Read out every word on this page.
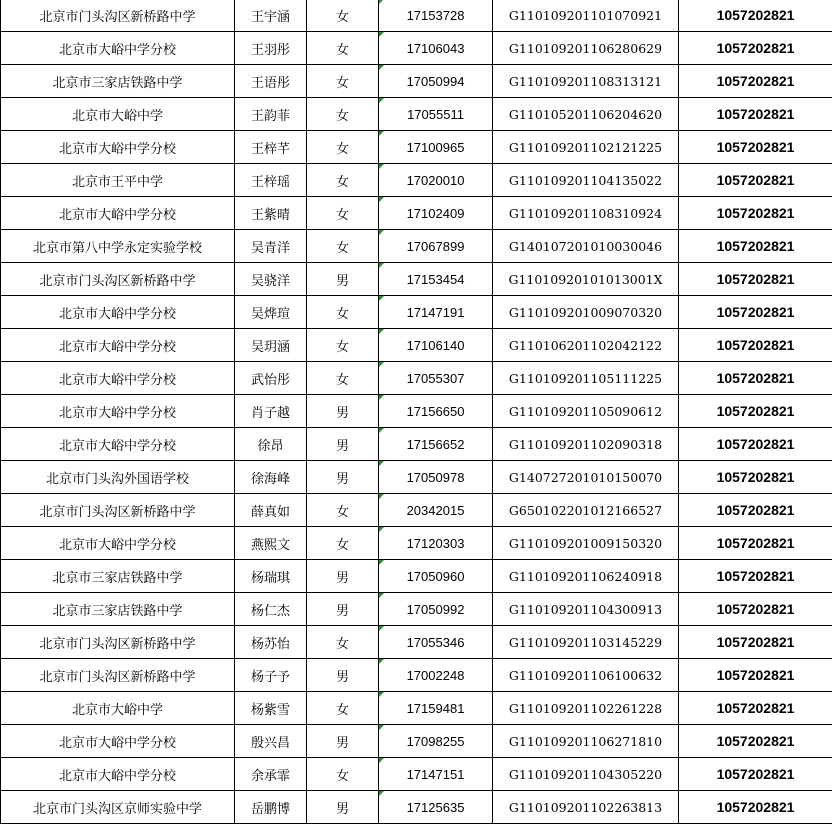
北京市门头沟区新桥路中学	王宇涵	女	17153728	G110109201101070921	1057202821
北京市大峪中学分校	王羽彤	女	17106043	G110109201106280629	1057202821
北京市三家店铁路中学	王语彤	女	17050994	G110109201108313121	1057202821
北京市大峪中学	王韵菲	女	17055511	G110105201106204620	1057202821
北京市大峪中学分校	王梓芊	女	17100965	G110109201102121225	1057202821
北京市王平中学	王梓瑶	女	17020010	G110109201104135022	1057202821
北京市大峪中学分校	王紫晴	女	17102409	G110109201108310924	1057202821
北京市第八中学永定实验学校	吴青洋	女	17067899	G140107201010030046	1057202821
北京市门头沟区新桥路中学	吴骁洋	男	17153454	G11010920101013001X	1057202821
北京市大峪中学分校	吴烨瑄	女	17147191	G110109201009070320	1057202821
北京市大峪中学分校	吴玥涵	女	17106140	G110106201102042122	1057202821
北京市大峪中学分校	武怡彤	女	17055307	G110109201105111225	1057202821
北京市大峪中学分校	肖子越	男	17156650	G110109201105090612	1057202821
北京市大峪中学分校	徐昂	男	17156652	G110109201102090318	1057202821
北京市门头沟外国语学校	徐海峰	男	17050978	G140727201010150070	1057202821
北京市门头沟区新桥路中学	薛真如	女	20342015	G650102201012166527	1057202821
北京市大峪中学分校	燕熙文	女	17120303	G110109201009150320	1057202821
北京市三家店铁路中学	杨瑞琪	男	17050960	G110109201106240918	1057202821
北京市三家店铁路中学	杨仁杰	男	17050992	G110109201104300913	1057202821
北京市门头沟区新桥路中学	杨苏怡	女	17055346	G110109201103145229	1057202821
北京市门头沟区新桥路中学	杨子予	男	17002248	G110109201106100632	1057202821
北京市大峪中学	杨紫雪	女	17159481	G110109201102261228	1057202821
北京市大峪中学分校	殷兴昌	男	17098255	G110109201106271810	1057202821
北京市大峪中学分校	余承霏	女	17147151	G110109201104305220	1057202821
北京市门头沟区京师实验中学	岳鹏博	男	17125635	G110109201102263813	1057202821
